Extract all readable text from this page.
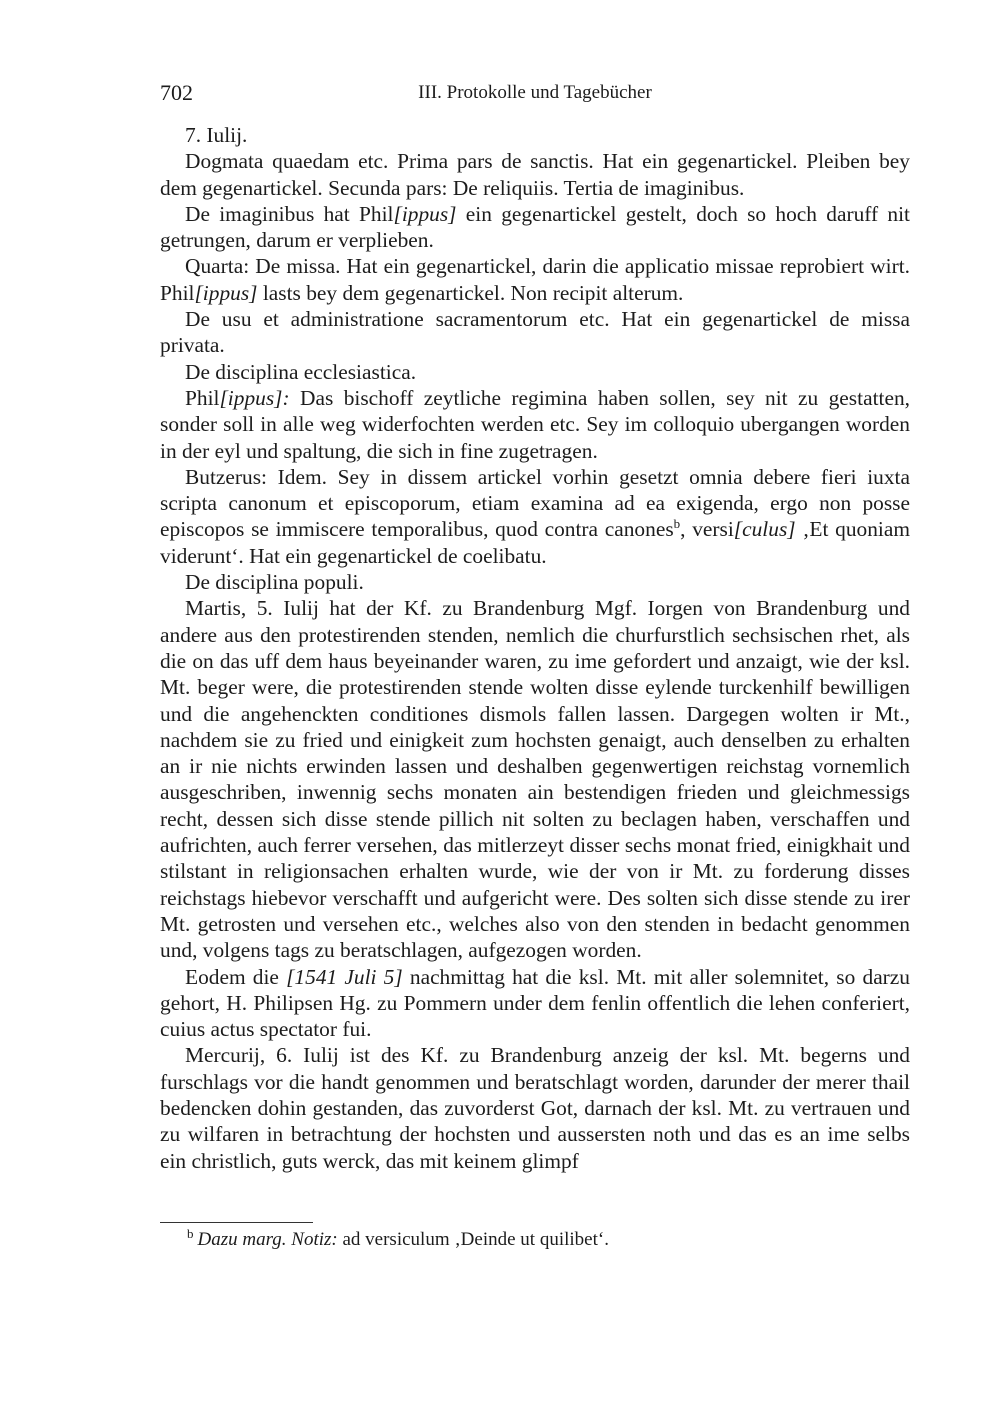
702	III. Protokolle und Tagebücher

7. Iulij.

Dogmata quaedam etc. Prima pars de sanctis. Hat ein gegenartickel. Pleiben bey dem gegenartickel. Secunda pars: De reliquiis. Tertia de imaginibus.

De imaginibus hat Phil[ippus] ein gegenartickel gestelt, doch so hoch daruff nit getrungen, darum er verplieben.

Quarta: De missa. Hat ein gegenartickel, darin die applicatio missae reprobiert wirt. Phil[ippus] lasts bey dem gegenartickel. Non recipit alterum.

De usu et administratione sacramentorum etc. Hat ein gegenartickel de missa privata.

De disciplina ecclesiastica.

Phil[ippus]: Das bischoff zeytliche regimina haben sollen, sey nit zu gestatten, sonder soll in alle weg widerfochten werden etc. Sey im colloquio ubergangen worden in der eyl und spaltung, die sich in fine zugetragen.

Butzerus: Idem. Sey in dissem artickel vorhin gesetzt omnia debere fieri iuxta scripta canonum et episcoporum, etiam examina ad ea exigenda, ergo non posse episcopos se immiscere temporalibus, quod contra canones$^b$, versi[culus] ‚Et quoniam viderunt‘. Hat ein gegenartickel de coelibatu.

De disciplina populi.

Martis, 5. Iulij hat der Kf. zu Brandenburg Mgf. Iorgen von Brandenburg und andere aus den protestirenden stenden, nemlich die churfurstlich sechsischen rhet, als die on das uff dem haus beyeinander waren, zu ime gefordert und anzaigt, wie der ksl. Mt. beger were, die protestirenden stende wolten disse eylende turckenhilf bewilligen und die angehenckten conditiones dismols fallen lassen. Dargegen wolten ir Mt., nachdem sie zu fried und einigkeit zum hochsten genaigt, auch denselben zu erhalten an ir nie nichts erwinden lassen und deshalben gegenwertigen reichstag vornemlich ausgeschriben, inwennig sechs monaten ain bestendigen frieden und gleichmessigs recht, dessen sich disse stende pillich nit solten zu beclagen haben, verschaffen und aufrichten, auch ferrer versehen, das mitlerzeyt disser sechs monat fried, einigkhait und stilstant in religionsachen erhalten wurde, wie der von ir Mt. zu forderung disses reichstags hiebevor verschafft und aufgericht were. Des solten sich disse stende zu irer Mt. getrosten und versehen etc., welches also von den stenden in bedacht genommen und, volgens tags zu beratschlagen, aufgezogen worden.

Eodem die [1541 Juli 5] nachmittag hat die ksl. Mt. mit aller solemnitet, so darzu gehort, H. Philipsen Hg. zu Pommern under dem fenlin offentlich die lehen conferiert, cuius actus spectator fui.

Mercurij, 6. Iulij ist des Kf. zu Brandenburg anzeig der ksl. Mt. begerns und furschlags vor die handt genommen und beratschlagt worden, darunder der merer thail bedencken dohin gestanden, das zuvorderst Got, darnach der ksl. Mt. zu vertrauen und zu wilfaren in betrachtung der hochsten und aussersten noth und das es an ime selbs ein christlich, guts werck, das mit keinem glimpf

$^b$ Dazu marg. Notiz: ad versiculum ‚Deinde ut quilibet‘.
